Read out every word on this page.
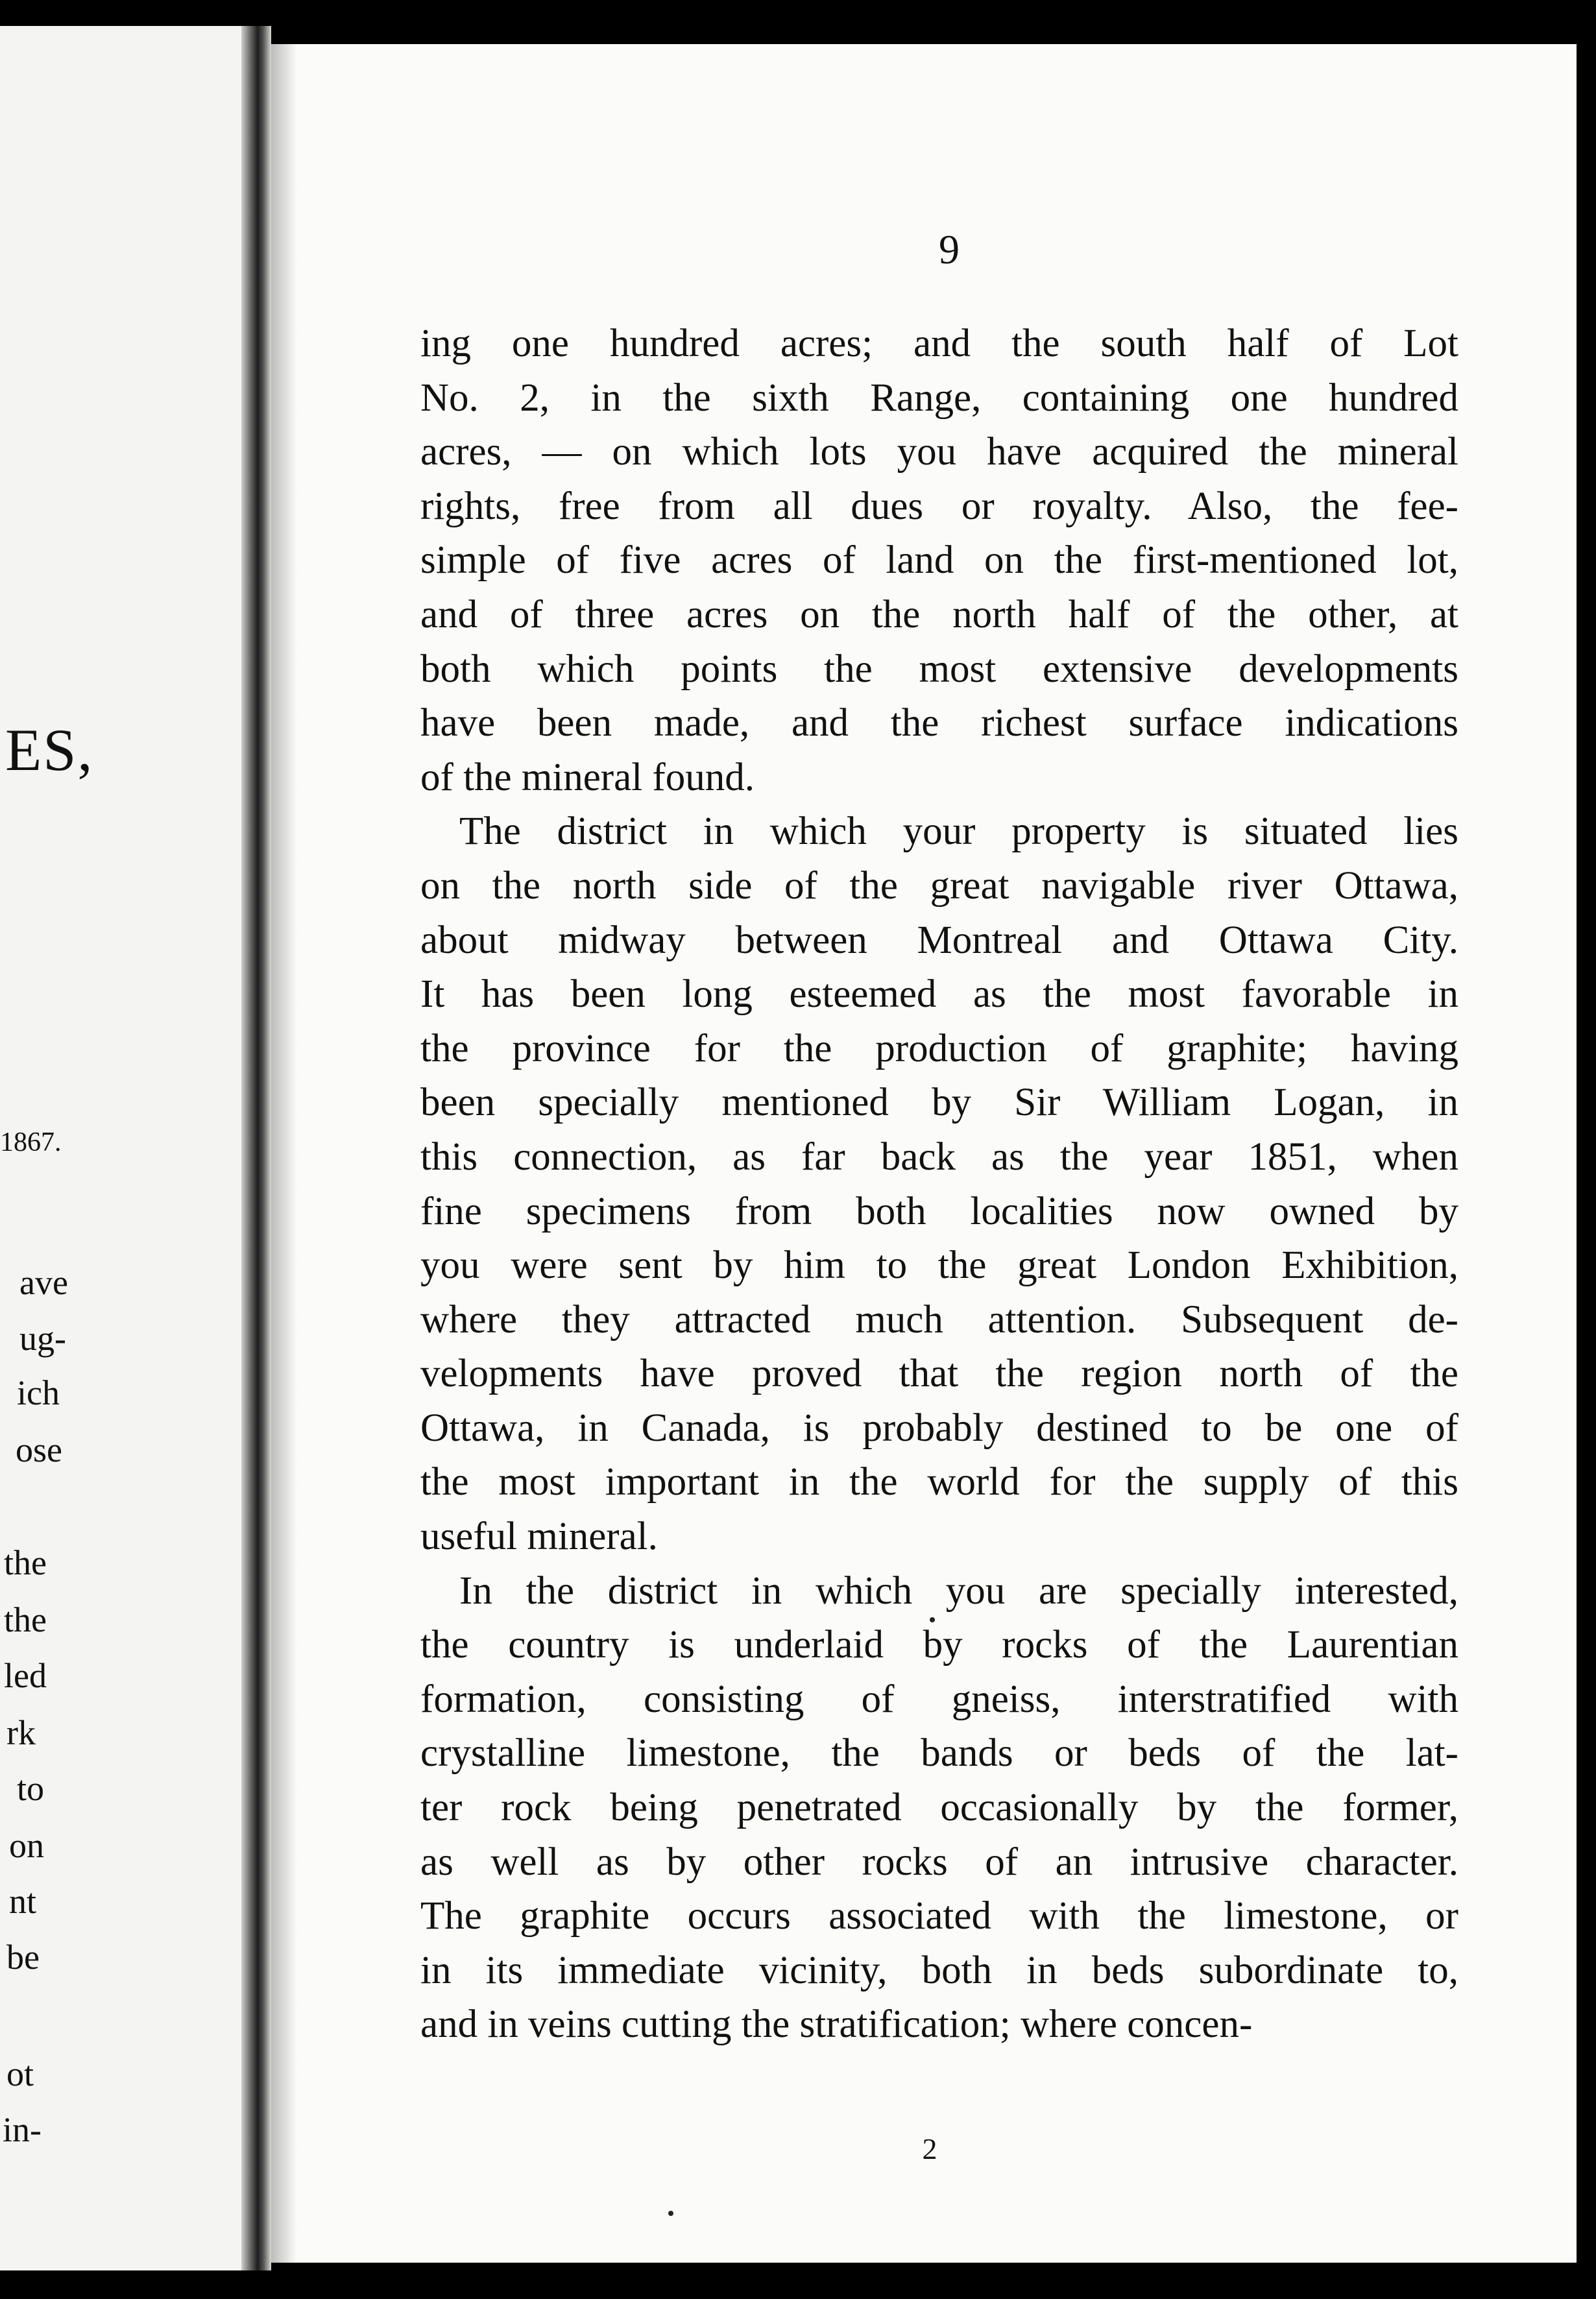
ES,
1867.
ave
ug-
ich
ose
the
the
led
rk
to
on
nt
be
ot
in-
9
ing one hundred acres; and the south half of Lot
No. 2, in the sixth Range, containing one hundred
acres, — on which lots you have acquired the mineral
rights, free from all dues or royalty. Also, the fee-
simple of five acres of land on the first-mentioned lot,
and of three acres on the north half of the other, at
both which points the most extensive developments
have been made, and the richest surface indications
of the mineral found.
The district in which your property is situated lies
on the north side of the great navigable river Ottawa,
about midway between Montreal and Ottawa City.
It has been long esteemed as the most favorable in
the province for the production of graphite; having
been specially mentioned by Sir William Logan, in
this connection, as far back as the year 1851, when
fine specimens from both localities now owned by
you were sent by him to the great London Exhibition,
where they attracted much attention. Subsequent de-
velopments have proved that the region north of the
Ottawa, in Canada, is probably destined to be one of
the most important in the world for the supply of this
useful mineral.
In the district in which you are specially interested,
the country is underlaid by rocks of the Laurentian
formation, consisting of gneiss, interstratified with
crystalline limestone, the bands or beds of the lat-
ter rock being penetrated occasionally by the former,
as well as by other rocks of an intrusive character.
The graphite occurs associated with the limestone, or
in its immediate vicinity, both in beds subordinate to,
and in veins cutting the stratification; where concen-
2
